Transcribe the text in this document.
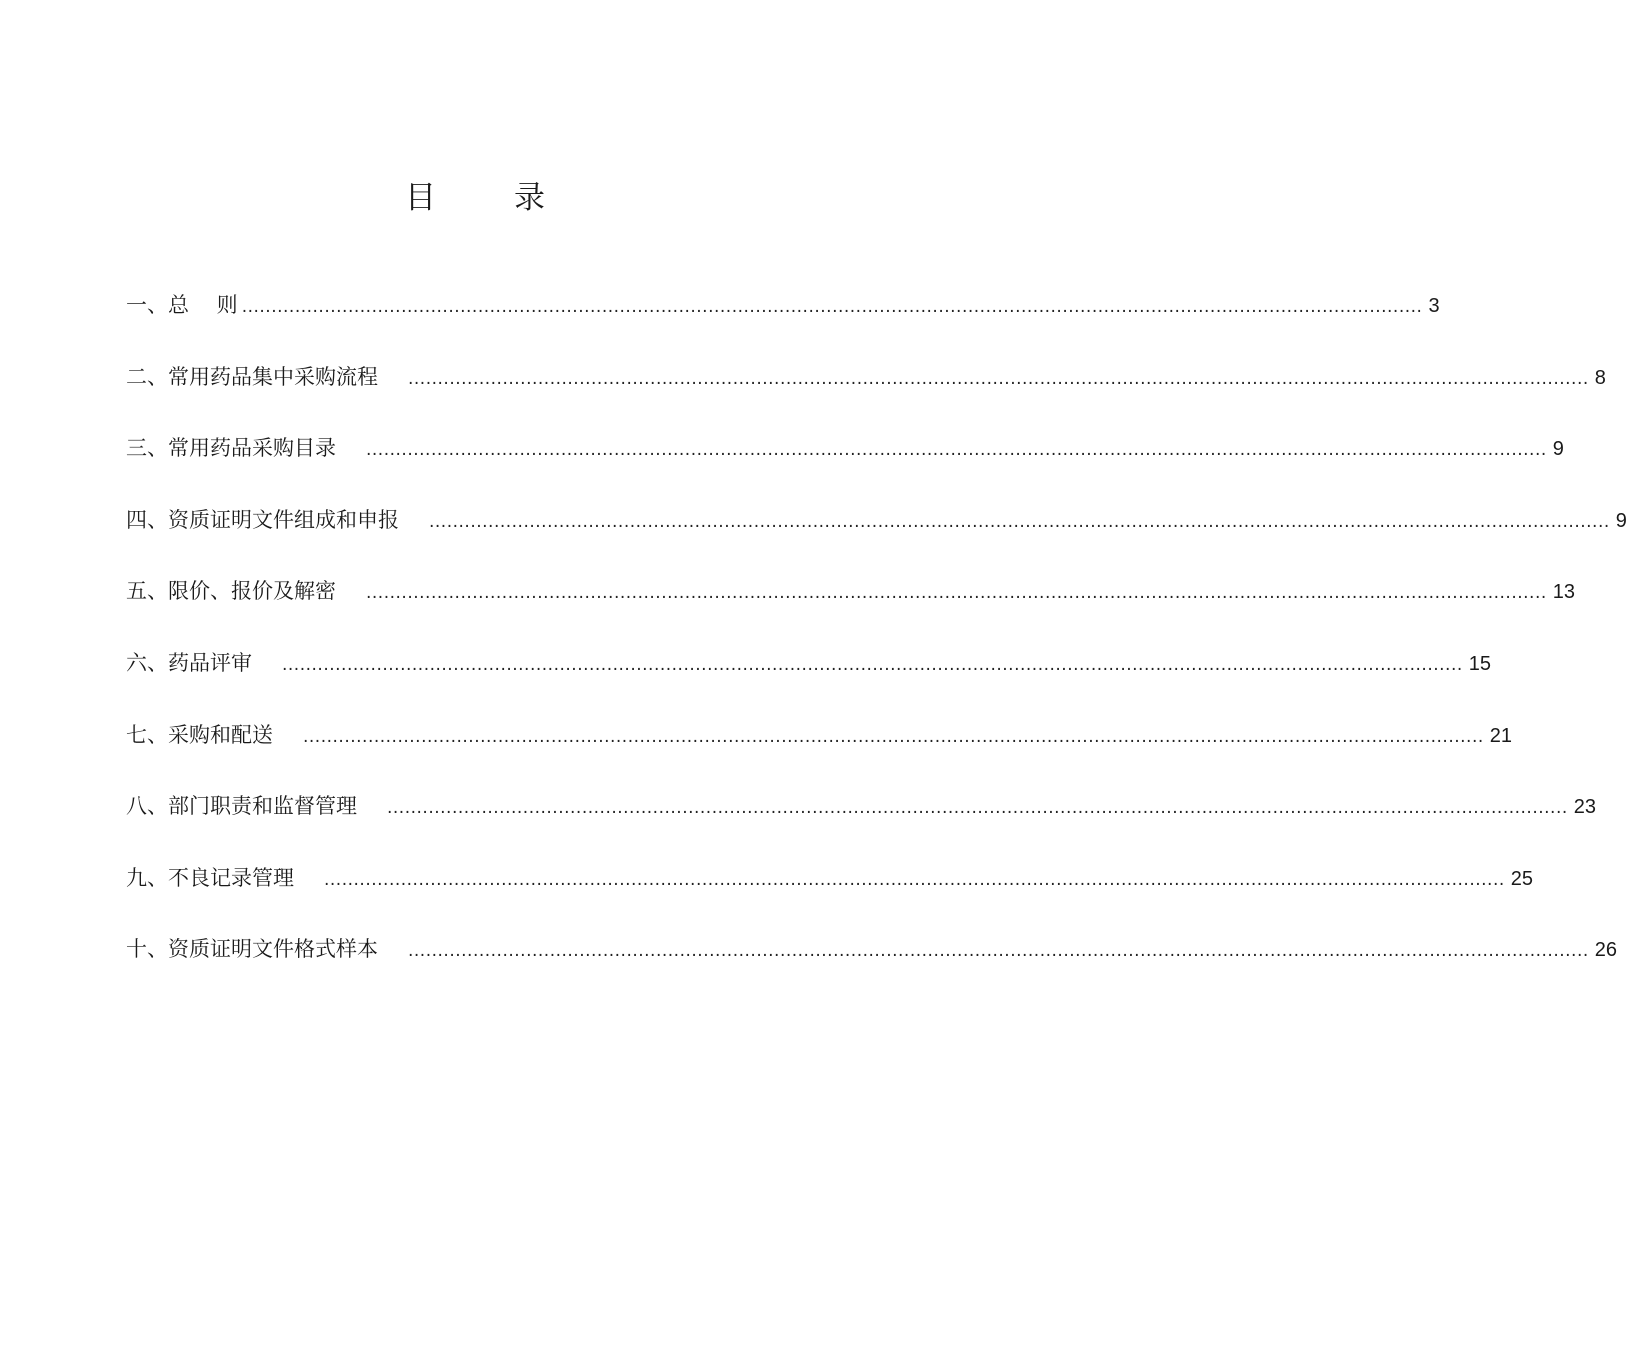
目	录
一、总　 则 ........................................................................................................................................................................................................ 3
二、常用药品集中采购流程 ........................................................................................................................................................................................................ 8
三、常用药品采购目录 ........................................................................................................................................................................................................ 9
四、资质证明文件组成和申报 ........................................................................................................................................................................................................ 9
五、限价、报价及解密 ........................................................................................................................................................................................................ 13
六、药品评审 ........................................................................................................................................................................................................ 15
七、采购和配送 ........................................................................................................................................................................................................ 21
八、部门职责和监督管理 ........................................................................................................................................................................................................ 23
九、不良记录管理 ........................................................................................................................................................................................................ 25
十、资质证明文件格式样本 ........................................................................................................................................................................................................ 26
